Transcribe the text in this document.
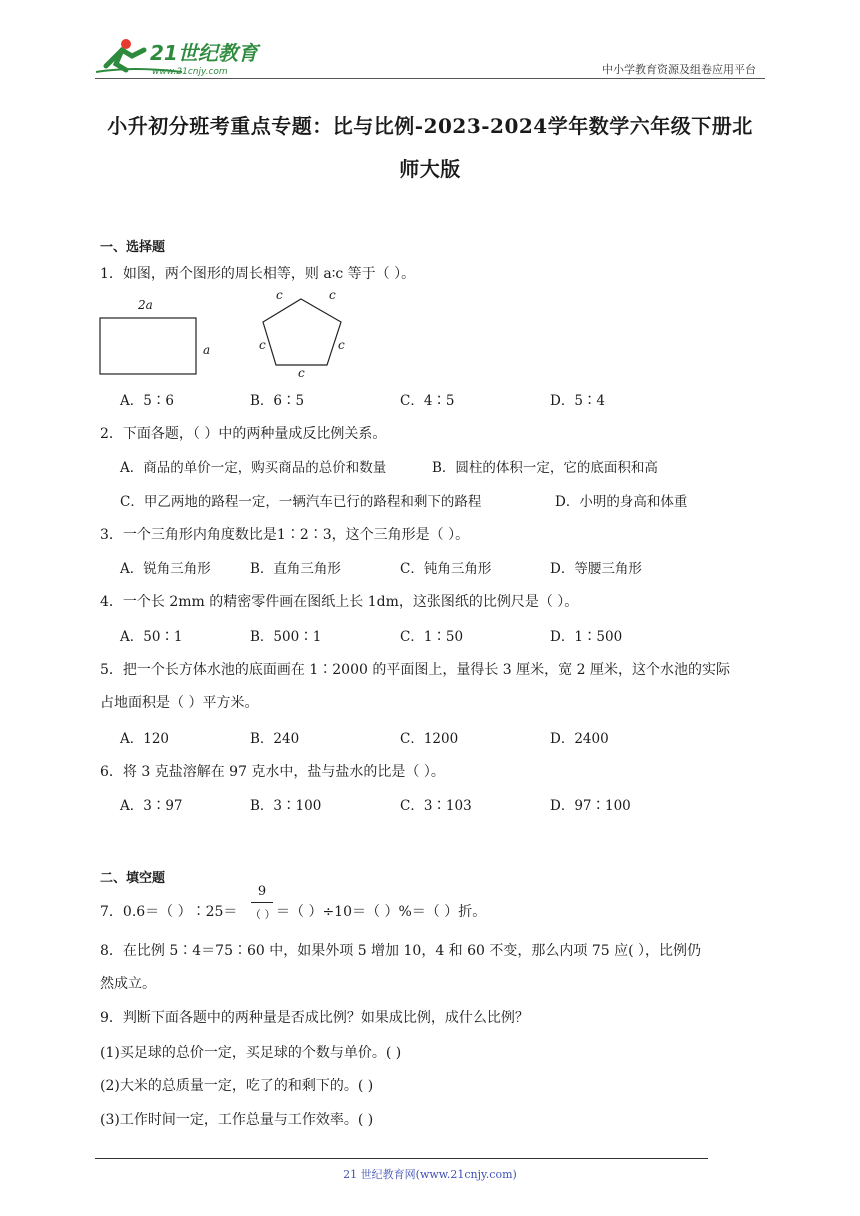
21世纪教育
www.21cnjy.com	中小学教育资源及组卷应用平台
小升初分班考重点专题：比与比例-2023-2024学年数学六年级下册北
师大版
一、选择题
1．如图，两个图形的周长相等，则 a∶c 等于（ ）。
2a
a
c	c
c	c
c
A．5∶6	B．6∶5	C．4∶5	D．5∶4
2．下面各题，（ ）中的两种量成反比例关系。
A．商品的单价一定，购买商品的总价和数量	B．圆柱的体积一定，它的底面积和高
C．甲乙两地的路程一定，一辆汽车已行的路程和剩下的路程	D．小明的身高和体重
3．一个三角形内角度数比是1∶2∶3，这个三角形是（ ）。
A．锐角三角形	B．直角三角形	C．钝角三角形	D．等腰三角形
4．一个长 2mm 的精密零件画在图纸上长 1dm，这张图纸的比例尺是（ ）。
A．50∶1	B．500∶1	C．1∶50	D．1∶500
5．把一个长方体水池的底面画在 1∶2000 的平面图上，量得长 3 厘米，宽 2 厘米，这个水池的实际
占地面积是（ ）平方米。
A．120	B．240	C．1200	D．2400
6．将 3 克盐溶解在 97 克水中，盐与盐水的比是（ ）。
A．3∶97	B．3∶100	C．3∶103	D．97∶100
二、填空题
7．0.6＝（ ）∶25＝
9
（ ） ＝（ ）÷10＝（ ）%＝（ ）折。
8．在比例 5∶4＝75∶60 中，如果外项 5 增加 10，4 和 60 不变，那么内项 75 应( ），比例仍
然成立。
9．判断下面各题中的两种量是否成比例？如果成比例，成什么比例？
(1)买足球的总价一定，买足球的个数与单价。( )
(2)大米的总质量一定，吃了的和剩下的。( )
(3)工作时间一定，工作总量与工作效率。( )
21 世纪教育网(www.21cnjy.com)
